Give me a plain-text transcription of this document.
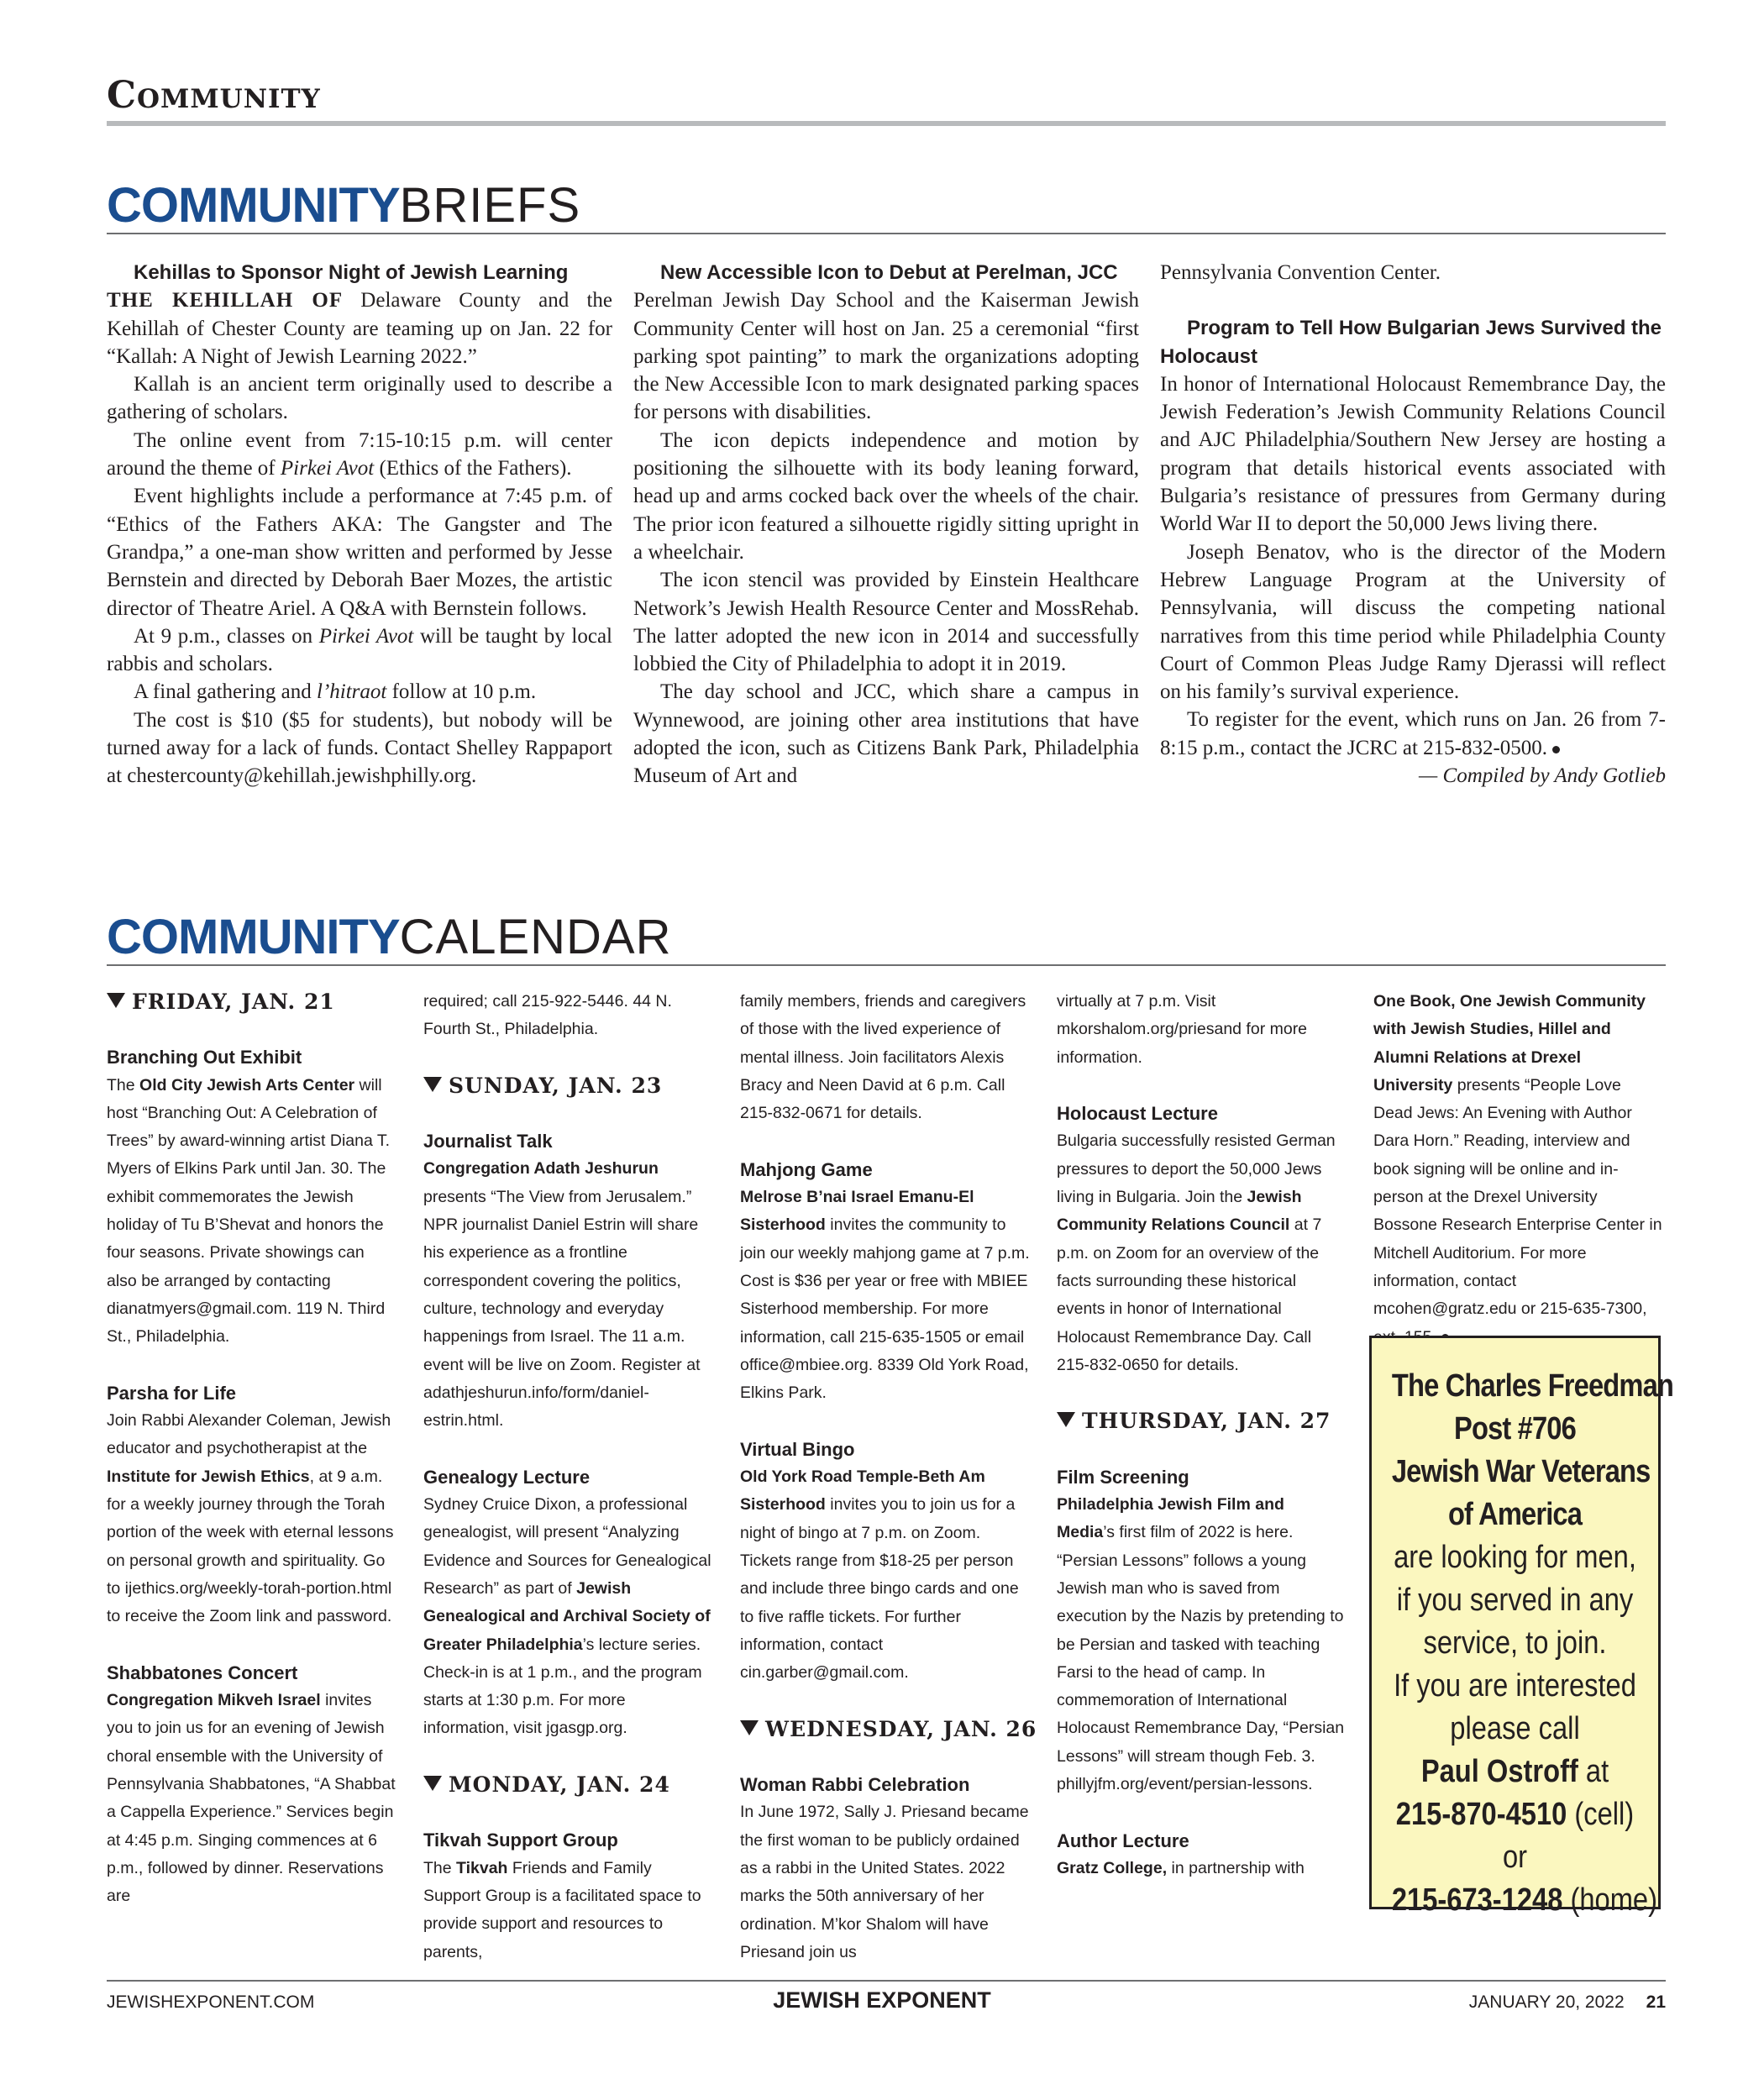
Community
COMMUNITYBRIEFS

Kehillas to Sponsor Night of Jewish Learning

THE KEHILLAH OF Delaware County and the Kehillah of Chester County are teaming up on Jan. 22 for “Kallah: A Night of Jewish Learning 2022.”

Kallah is an ancient term originally used to describe a gathering of scholars.

The online event from 7:15-10:15 p.m. will center around the theme of Pirkei Avot (Ethics of the Fathers).

Event highlights include a performance at 7:45 p.m. of “Ethics of the Fathers AKA: The Gangster and The Grandpa,” a one-man show written and performed by Jesse Bernstein and directed by Deborah Baer Mozes, the artistic director of Theatre Ariel. A Q&A with Bernstein follows.

At 9 p.m., classes on Pirkei Avot will be taught by local rabbis and scholars.

A final gathering and l’hitraot follow at 10 p.m.

The cost is $10 ($5 for students), but nobody will be turned away for a lack of funds. Contact Shelley Rappaport at chestercounty@kehillah.jewishphilly.org.

New Accessible Icon to Debut at Perelman, JCC

Perelman Jewish Day School and the Kaiserman Jewish Community Center will host on Jan. 25 a ceremonial “first parking spot painting” to mark the organizations adopting the New Accessible Icon to mark designated parking spaces for persons with disabilities.

The icon depicts independence and motion by positioning the silhouette with its body leaning forward, head up and arms cocked back over the wheels of the chair. The prior icon featured a silhouette rigidly sitting upright in a wheelchair.

The icon stencil was provided by Einstein Healthcare Network’s Jewish Health Resource Center and MossRehab. The latter adopted the new icon in 2014 and successfully lobbied the City of Philadelphia to adopt it in 2019.

The day school and JCC, which share a campus in Wynnewood, are joining other area institutions that have adopted the icon, such as Citizens Bank Park, Philadelphia Museum of Art and

Pennsylvania Convention Center.

Program to Tell How Bulgarian Jews Survived the Holocaust

In honor of International Holocaust Remembrance Day, the Jewish Federation’s Jewish Community Relations Council and AJC Philadelphia/Southern New Jersey are hosting a program that details historical events associated with Bulgaria’s resistance of pressures from Germany during World War II to deport the 50,000 Jews living there.

Joseph Benatov, who is the director of the Modern Hebrew Language Program at the University of Pennsylvania, will discuss the competing national narratives from this time period while Philadelphia County Court of Common Pleas Judge Ramy Djerassi will reflect on his family’s survival experience.

To register for the event, which runs on Jan. 26 from 7-8:15 p.m., contact the JCRC at 215-832-0500.

— Compiled by Andy Gotlieb

COMMUNITYCALENDAR

FRIDAY, JAN. 21

Branching Out Exhibit

The Old City Jewish Arts Center will host “Branching Out: A Celebration of Trees” by award-winning artist Diana T. Myers of Elkins Park until Jan. 30. The exhibit commemorates the Jewish holiday of Tu B’Shevat and honors the four seasons. Private showings can also be arranged by contacting dianatmyers@gmail.com. 119 N. Third St., Philadelphia.

Parsha for Life

Join Rabbi Alexander Coleman, Jewish educator and psychotherapist at the Institute for Jewish Ethics, at 9 a.m. for a weekly journey through the Torah portion of the week with eternal lessons on personal growth and spirituality. Go to ijethics.org/weekly-torah-portion.html to receive the Zoom link and password.

Shabbatones Concert

Congregation Mikveh Israel invites you to join us for an evening of Jewish choral ensemble with the University of Pennsylvania Shabbatones, “A Shabbat a Cappella Experience.” Services begin at 4:45 p.m. Singing commences at 6 p.m., followed by dinner. Reservations are

required; call 215-922-5446. 44 N. Fourth St., Philadelphia.

SUNDAY, JAN. 23

Journalist Talk

Congregation Adath Jeshurun presents “The View from Jerusalem.” NPR journalist Daniel Estrin will share his experience as a frontline correspondent covering the politics, culture, technology and everyday happenings from Israel. The 11 a.m. event will be live on Zoom. Register at adathjeshurun.info/form/daniel-estrin.html.

Genealogy Lecture

Sydney Cruice Dixon, a professional genealogist, will present “Analyzing Evidence and Sources for Genealogical Research” as part of Jewish Genealogical and Archival Society of Greater Philadelphia’s lecture series. Check-in is at 1 p.m., and the program starts at 1:30 p.m. For more information, visit jgasgp.org.

MONDAY, JAN. 24

Tikvah Support Group

The Tikvah Friends and Family Support Group is a facilitated space to provide support and resources to parents,

family members, friends and caregivers of those with the lived experience of mental illness. Join facilitators Alexis Bracy and Neen David at 6 p.m. Call 215-832-0671 for details.

Mahjong Game

Melrose B’nai Israel Emanu-El Sisterhood invites the community to join our weekly mahjong game at 7 p.m. Cost is $36 per year or free with MBIEE Sisterhood membership. For more information, call 215-635-1505 or email office@mbiee.org. 8339 Old York Road, Elkins Park.

Virtual Bingo

Old York Road Temple-Beth Am Sisterhood invites you to join us for a night of bingo at 7 p.m. on Zoom. Tickets range from $18-25 per person and include three bingo cards and one to five raffle tickets. For further information, contact cin.garber@gmail.com.

WEDNESDAY, JAN. 26

Woman Rabbi Celebration

In June 1972, Sally J. Priesand became the first woman to be publicly ordained as a rabbi in the United States. 2022 marks the 50th anniversary of her ordination. M’kor Shalom will have Priesand join us

virtually at 7 p.m. Visit mkorshalom.org/priesand for more information.

Holocaust Lecture

Bulgaria successfully resisted German pressures to deport the 50,000 Jews living in Bulgaria. Join the Jewish Community Relations Council at 7 p.m. on Zoom for an overview of the facts surrounding these historical events in honor of International Holocaust Remembrance Day. Call 215-832-0650 for details.

THURSDAY, JAN. 27

Film Screening

Philadelphia Jewish Film and Media’s first film of 2022 is here. “Persian Lessons” follows a young Jewish man who is saved from execution by the Nazis by pretending to be Persian and tasked with teaching Farsi to the head of camp. In commemoration of International Holocaust Remembrance Day, “Persian Lessons” will stream though Feb. 3. phillyjfm.org/event/persian-lessons.

Author Lecture

Gratz College, in partnership with

One Book, One Jewish Community with Jewish Studies, Hillel and Alumni Relations at Drexel University presents “People Love Dead Jews: An Evening with Author Dara Horn.” Reading, interview and book signing will be online and in-person at the Drexel University Bossone Research Enterprise Center in Mitchell Auditorium. For more information, contact mcohen@gratz.edu or 215-635-7300,

The Charles Freedman
Post #706
Jewish War Veterans
of America
are looking for men,
if you served in any
service, to join.
If you are interested
please call
Paul Ostroff at
215-870-4510 (cell)
or
215-673-1248 (home)
JEWISHEXPONENT.COM	JEWISH EXPONENT	JANUARY 20, 2022 21
